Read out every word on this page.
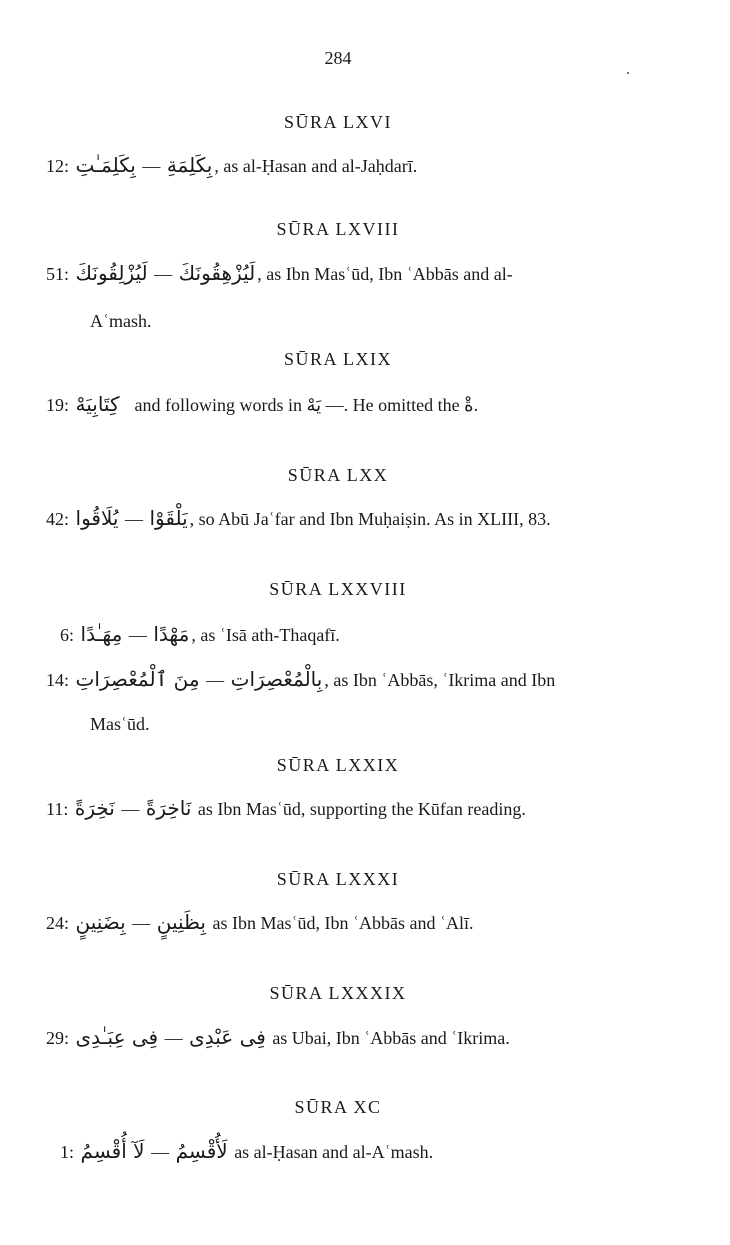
284
SŪRA LXVI
12: بِكَلِمَـٰتِ — بِكَلِمَةِ , as al-Ḥasan and al-Jaḥdarī.
SŪRA LXVIII
51: لَيُزْلِقُونَكَ — لَيُزْهِقُونَكَ , as Ibn Masʿūd, Ibn ʿAbbās and al-
Aʿmash.
SŪRA LXIX
19: كِتَابِيَهْ  and following words in يَهْ —. He omitted the ةْ.
SŪRA LXX
42: يُلَاقُوا — يَلْقَوْا , so Abū Jaʿfar and Ibn Muḥaiṣin. As in XLIII, 83.
SŪRA LXXVIII
6: مِهَـٰدًا — مَهْدًا , as ʿIsā ath-Thaqafī.
14: مِنَ ٱلْمُعْصِرَاتِ — بِالْمُعْصِرَاتِ , as Ibn ʿAbbās, ʿIkrima and Ibn
Masʿūd.
SŪRA LXXIX
11: نَخِرَةً — نَاخِرَةً as Ibn Masʿūd, supporting the Kūfan reading.
SŪRA LXXXI
24: بِضَنِينٍ — بِظَنِينٍ as Ibn Masʿūd, Ibn ʿAbbās and ʿAlī.
SŪRA LXXXIX
29: فِى عِبَـٰدِى — فِى عَبْدِى as Ubai, Ibn ʿAbbās and ʿIkrima.
SŪRA XC
1: لَآ أُقْسِمُ — لَأُقْسِمُ as al-Ḥasan and al-Aʿmash.
